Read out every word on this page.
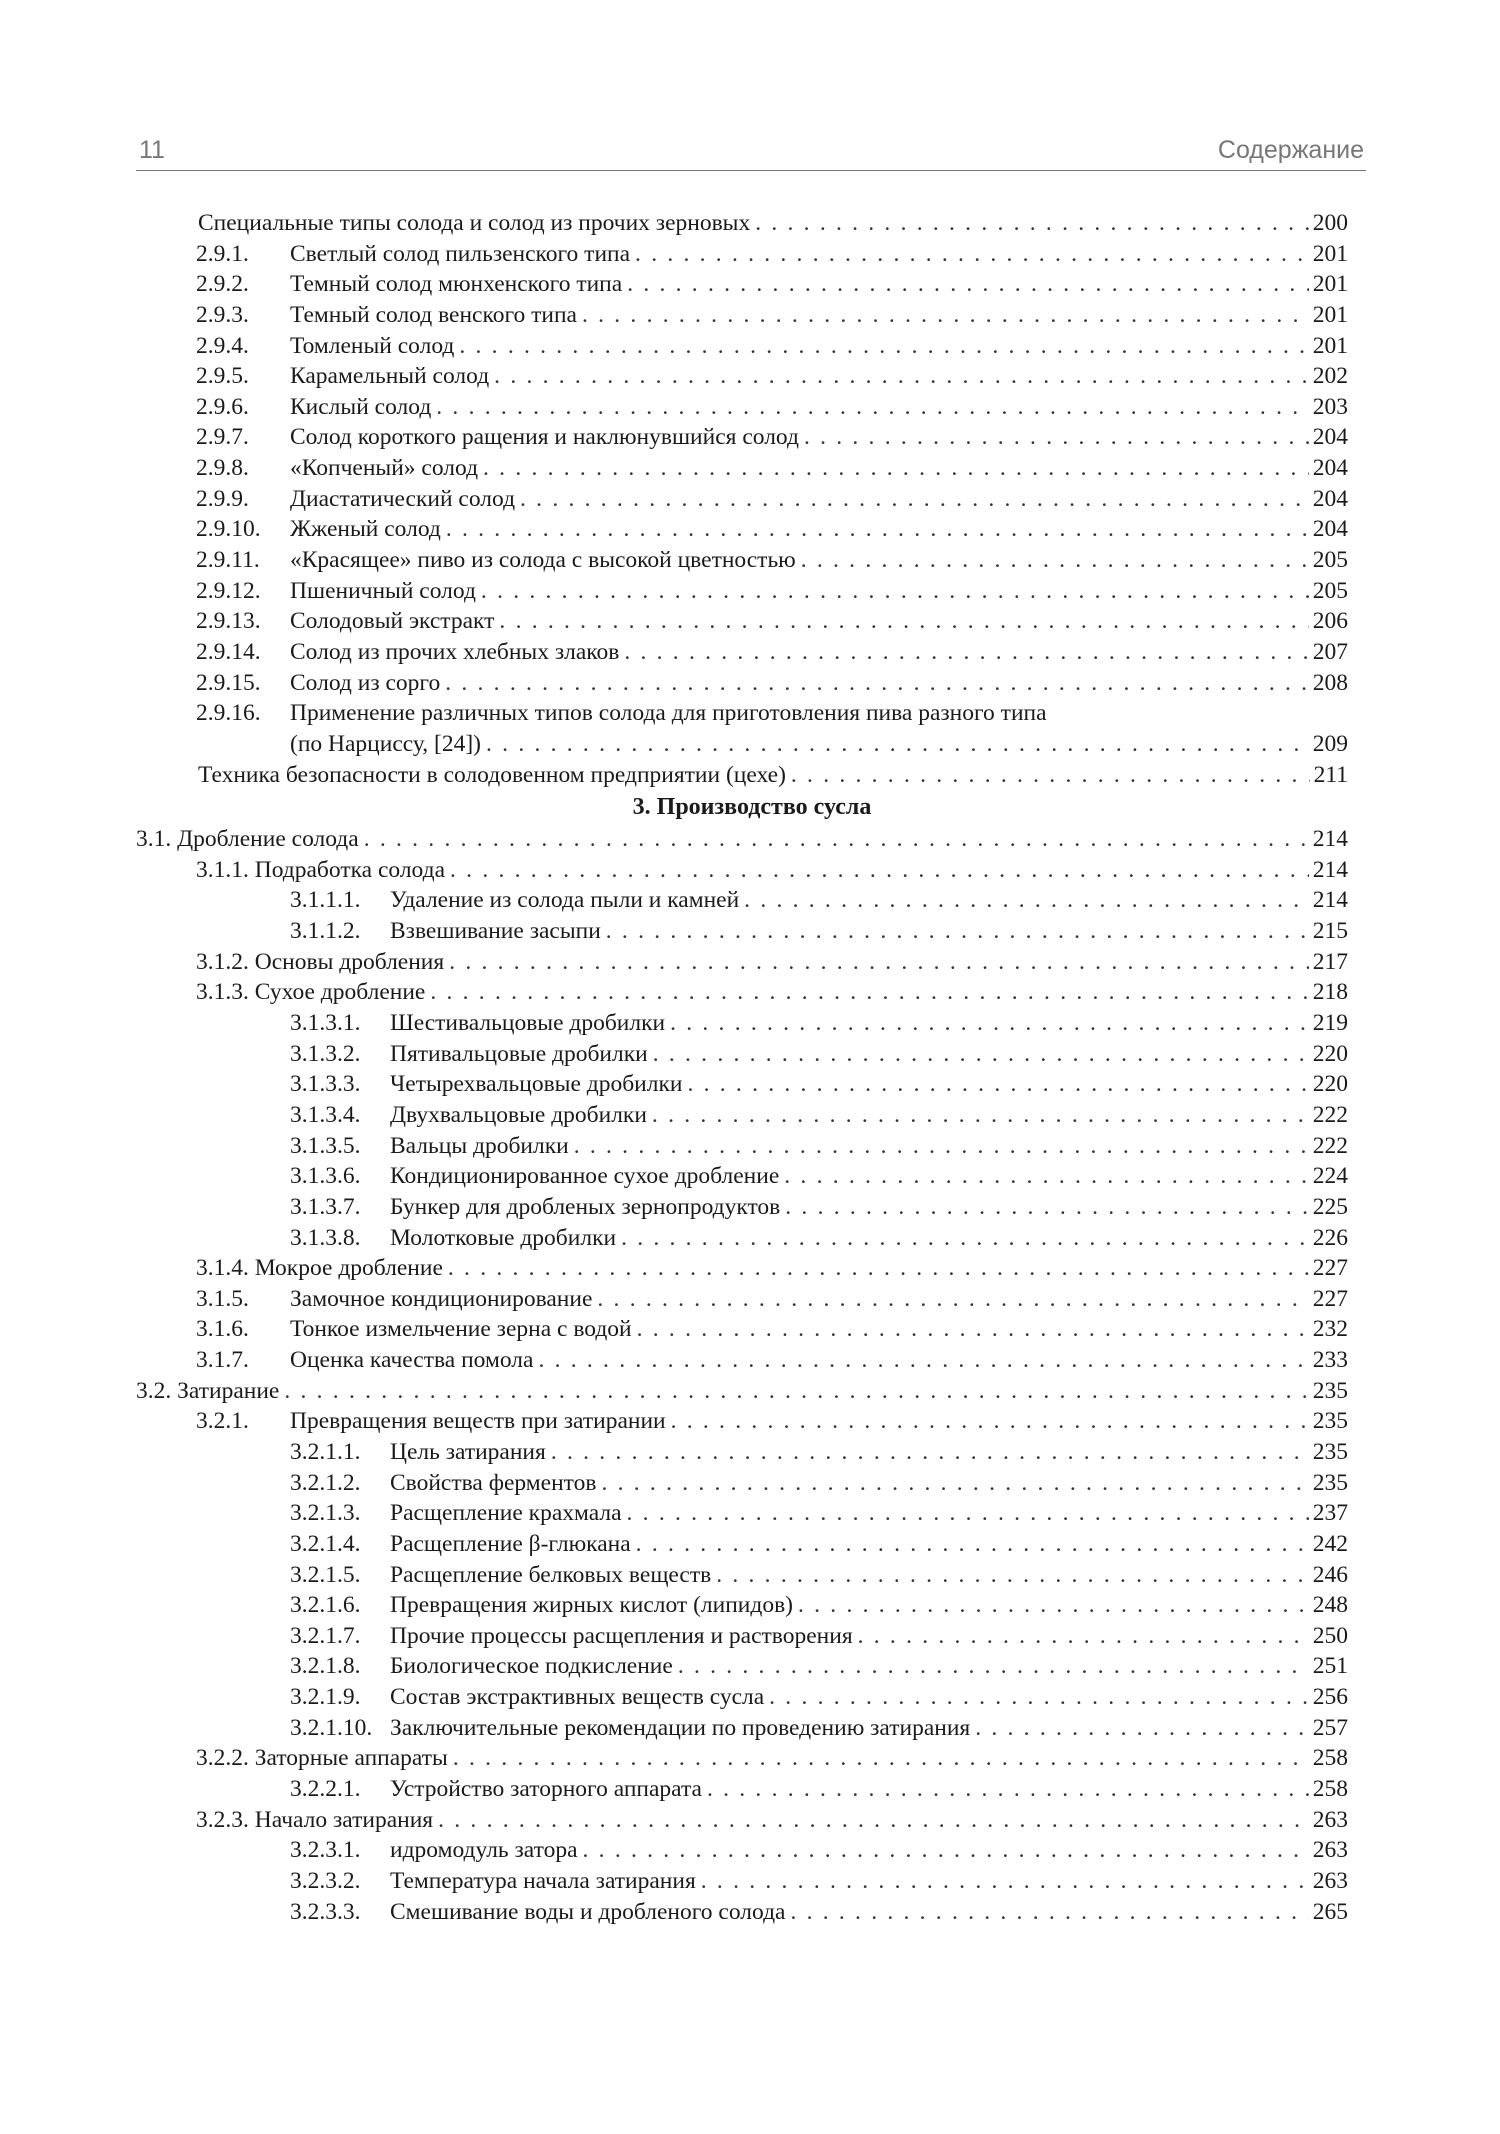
11	Содержание
Специальные типы солода и солод из прочих зерновых . . .	200
2.9.1. Светлый солод пильзенского типа . . .	201
2.9.2. Темный солод мюнхенского типа . . .	201
2.9.3. Темный солод венского типа . . .	201
2.9.4. Томленый солод . . .	201
2.9.5. Карамельный солод . . .	202
2.9.6. Кислый солод . . .	203
2.9.7. Солод короткого ращения и наклюнувшийся солод . . .	204
2.9.8. «Копченый» солод . . .	204
2.9.9. Диастатический солод . . .	204
2.9.10. Жженый солод . . .	204
2.9.11. «Красящее» пиво из солода с высокой цветностью . . .	205
2.9.12. Пшеничный солод . . .	205
2.9.13. Солодовый экстракт . . .	206
2.9.14. Солод из прочих хлебных злаков . . .	207
2.9.15. Солод из сорго . . .	208
2.9.16. Применение различных типов солода для приготовления пива разного типа
(по Нарциссу, [24]) . . .	209
Техника безопасности в солодовенном предприятии (цехе) . . .	211
3. Производство сусла
3.1. Дробление солода . . .	214
3.1.1. Подработка солода . . .	214
3.1.1.1. Удаление из солода пыли и камней . . .	214
3.1.1.2. Взвешивание засыпи . . .	215
3.1.2. Основы дробления . . .	217
3.1.3. Сухое дробление . . .	218
3.1.3.1. Шестивальцовые дробилки . . .	219
3.1.3.2. Пятивальцовые дробилки . . .	220
3.1.3.3. Четырехвальцовые дробилки . . .	220
3.1.3.4. Двухвальцовые дробилки . . .	222
3.1.3.5. Вальцы дробилки . . .	222
3.1.3.6. Кондиционированное сухое дробление . . .	224
3.1.3.7. Бункер для дробленых зернопродуктов . . .	225
3.1.3.8. Молотковые дробилки . . .	226
3.1.4. Мокрое дробление . . .	227
3.1.5. Замочное кондиционирование . . .	227
3.1.6. Тонкое измельчение зерна с водой . . .	232
3.1.7. Оценка качества помола . . .	233
3.2. Затирание . . .	235
3.2.1. Превращения веществ при затирании . . .	235
3.2.1.1. Цель затирания . . .	235
3.2.1.2. Свойства ферментов . . .	235
3.2.1.3. Расщепление крахмала . . .	237
3.2.1.4. Расщепление β-глюкана . . .	242
3.2.1.5. Расщепление белковых веществ . . .	246
3.2.1.6. Превращения жирных кислот (липидов) . . .	248
3.2.1.7. Прочие процессы расщепления и растворения . . .	250
3.2.1.8. Биологическое подкисление . . .	251
3.2.1.9. Состав экстрактивных веществ сусла . . .	256
3.2.1.10. Заключительные рекомендации по проведению затирания . . .	257
3.2.2. Заторные аппараты . . .	258
3.2.2.1. Устройство заторного аппарата . . .	258
3.2.3. Начало затирания . . .	263
3.2.3.1. идромодуль затора . . .	263
3.2.3.2. Температура начала затирания . . .	263
3.2.3.3. Смешивание воды и дробленого солода . . .	265
